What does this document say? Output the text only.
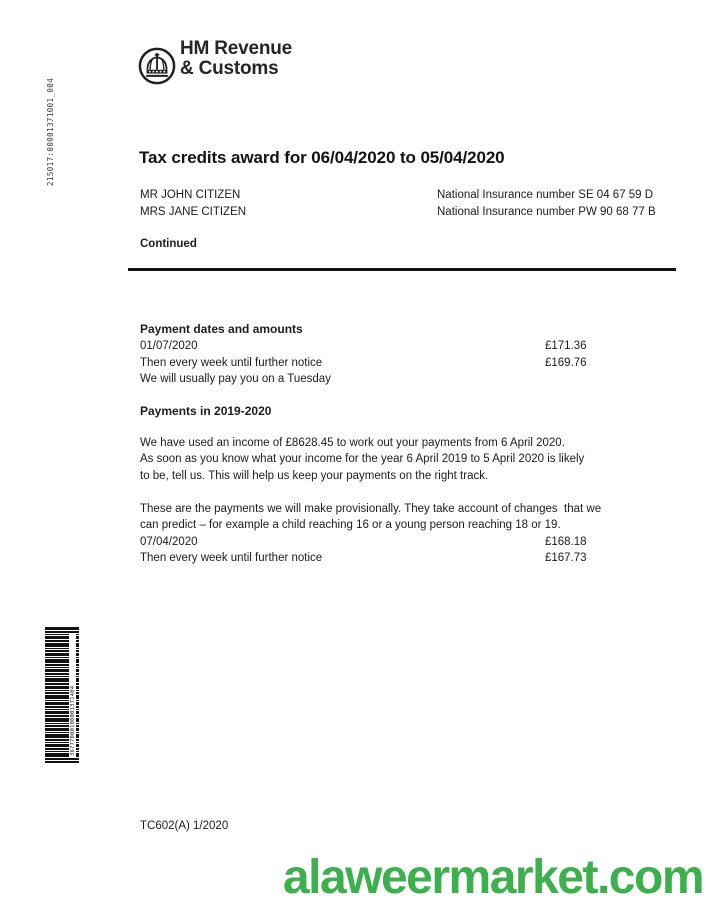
215017:00001371001_004
HM Revenue
& Customs
Tax credits award for 06/04/2020 to 05/04/2020
MR JOHN CITIZEN	National Insurance number SE 04 67 59 D
MRS JANE CITIZEN	National Insurance number PW 90 68 77 B
Continued
Payment dates and amounts
01/07/2020	£171.36
Then every week until further notice	£169.76
We will usually pay you on a Tuesday
Payments in 2019-2020
We have used an income of £8628.45 to work out your payments from 6 April 2020.
As soon as you know what your income for the year 6 April 2019 to 5 April 2020 is likely
to be, tell us. This will help us keep your payments on the right track.
These are the payments we will make provisionally. They take account of changes  that we
can predict – for example a child reaching 16 or a young person reaching 18 or 19.
07/04/2020	£168.18
Then every week until further notice	£167.73
36777000100001371404
TC602(A) 1/2020
alaweermarket.com
